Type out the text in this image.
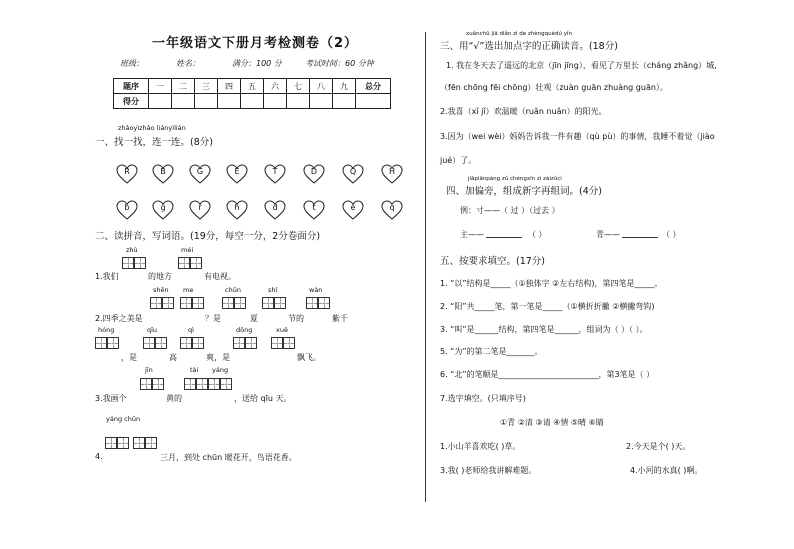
一年级语文下册月考检测卷（2）
班级：	姓名：	满分：100 分	考试时间：60 分钟
题序	一	二	三	四	五	六	七	八	九	总分
得分										
zhǎoyìzhǎo liányìlián
一、找一找，连一连。(8分)
R	B	G	E	T	D	Q	H
b	g	r	h	d	t	e	q
二、读拼音，写词语。(19分，每空一分，2分卷面分)
zhù	méi
1.我们	的地方	有电视。
shēn me	chūn	shí	wàn
2.四季之美是	？是	夏	节的	紫千
hóng	qīu	qì	dōng	xuě
，是	高	爽，是	飘飞。
jīn	tài yáng
3.我画个	黄的	，送给 qīu 天。
yáng chūn
4.	三月，到处 chūn 暖花开，鸟语花香。
xuǎnchū jiā diǎn zì de zhèngquèdú yīn
三、用“√”选出加点字的正确读音。(18分)
1. 我在冬天去了遥远的北京（jīn jīng），看见了万里长（cháng zhǎng）城,
（fēn chōng fēi chōng）壮观（zuàn guān zhuàng guān）。
2.我喜（xǐ jǐ）欢温暖（ruǎn nuǎn）的阳光。
3.因为（wei wèi）妈妈告诉我一件有趣（qù pù）的事情，我睡不着觉（jiào
jué）了。
jiāpiānpáng zǔ chéngxīn zì zàizǔcí
四、加偏旁，组成新字再组词。(4分)
例：寸——（ 过 ）（过去 ）
主——	（ ）	青——	（ ）
五、按要求填空。(17分)
1. “以”结构是_____（①独体字 ②左右结构)，第四笔是_____。
2. “阳”共_____笔，第一笔是_____（①横折折撇 ②横撇弯钩)
3. “叫”是______结构，第四笔是______，组词为（ ）（ ）。
5. “为”的第二笔是_______。
6. “北”的笔顺是_________________________，第3笔是（ ）
7.选字填空。(只填序号)
①青 ②清 ③请 ④情 ⑤晴 ⑥睛
1.小山羊喜欢吃( )草。	2.今天是个( )天。
3.我( )老师给我讲解难题。	4.小河的水真( )啊。
